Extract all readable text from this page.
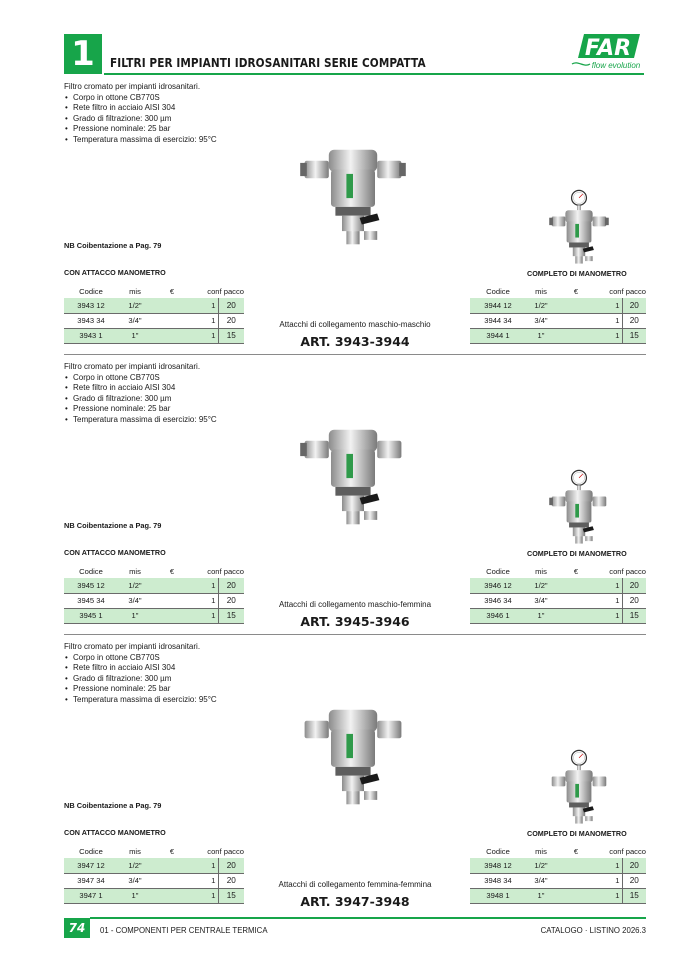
1	FILTRI PER IMPIANTI IDROSANITARI SERIE COMPATTA
FAR
flow evolution
Filtro cromato per impianti idrosanitari.
• Corpo in ottone CB770S
• Rete filtro in acciaio AISI 304
• Grado di filtrazione: 300 µm
• Pressione nominale: 25 bar
• Temperatura massima di esercizio: 95°C
NB Coibentazione a Pag. 79
CON ATTACCO MANOMETRO	COMPLETO DI MANOMETRO
Codice	mis	€	conf pacco	
3943 12	1/2"		1	20
3943 34	3/4"		1	20
3943 1	1"		1	15
Codice	mis	€	conf pacco	
3944 12	1/2"		1	20
3944 34	3/4"		1	20
3944 1	1"		1	15
Attacchi di collegamento maschio-maschio
ART. 3943-3944
Filtro cromato per impianti idrosanitari.
• Corpo in ottone CB770S
• Rete filtro in acciaio AISI 304
• Grado di filtrazione: 300 µm
• Pressione nominale: 25 bar
• Temperatura massima di esercizio: 95°C
NB Coibentazione a Pag. 79
CON ATTACCO MANOMETRO	COMPLETO DI MANOMETRO
Codice	mis	€	conf pacco	
3945 12	1/2"		1	20
3945 34	3/4"		1	20
3945 1	1"		1	15
Codice	mis	€	conf pacco	
3946 12	1/2"		1	20
3946 34	3/4"		1	20
3946 1	1"		1	15
Attacchi di collegamento maschio-femmina
ART. 3945-3946
Filtro cromato per impianti idrosanitari.
• Corpo in ottone CB770S
• Rete filtro in acciaio AISI 304
• Grado di filtrazione: 300 µm
• Pressione nominale: 25 bar
• Temperatura massima di esercizio: 95°C
NB Coibentazione a Pag. 79
CON ATTACCO MANOMETRO	COMPLETO DI MANOMETRO
Codice	mis	€	conf pacco	
3947 12	1/2"		1	20
3947 34	3/4"		1	20
3947 1	1"		1	15
Codice	mis	€	conf pacco	
3948 12	1/2"		1	20
3948 34	3/4"		1	20
3948 1	1"		1	15
Attacchi di collegamento femmina-femmina
ART. 3947-3948
74	01 - COMPONENTI PER CENTRALE TERMICA	CATALOGO · LISTINO 2026.3
